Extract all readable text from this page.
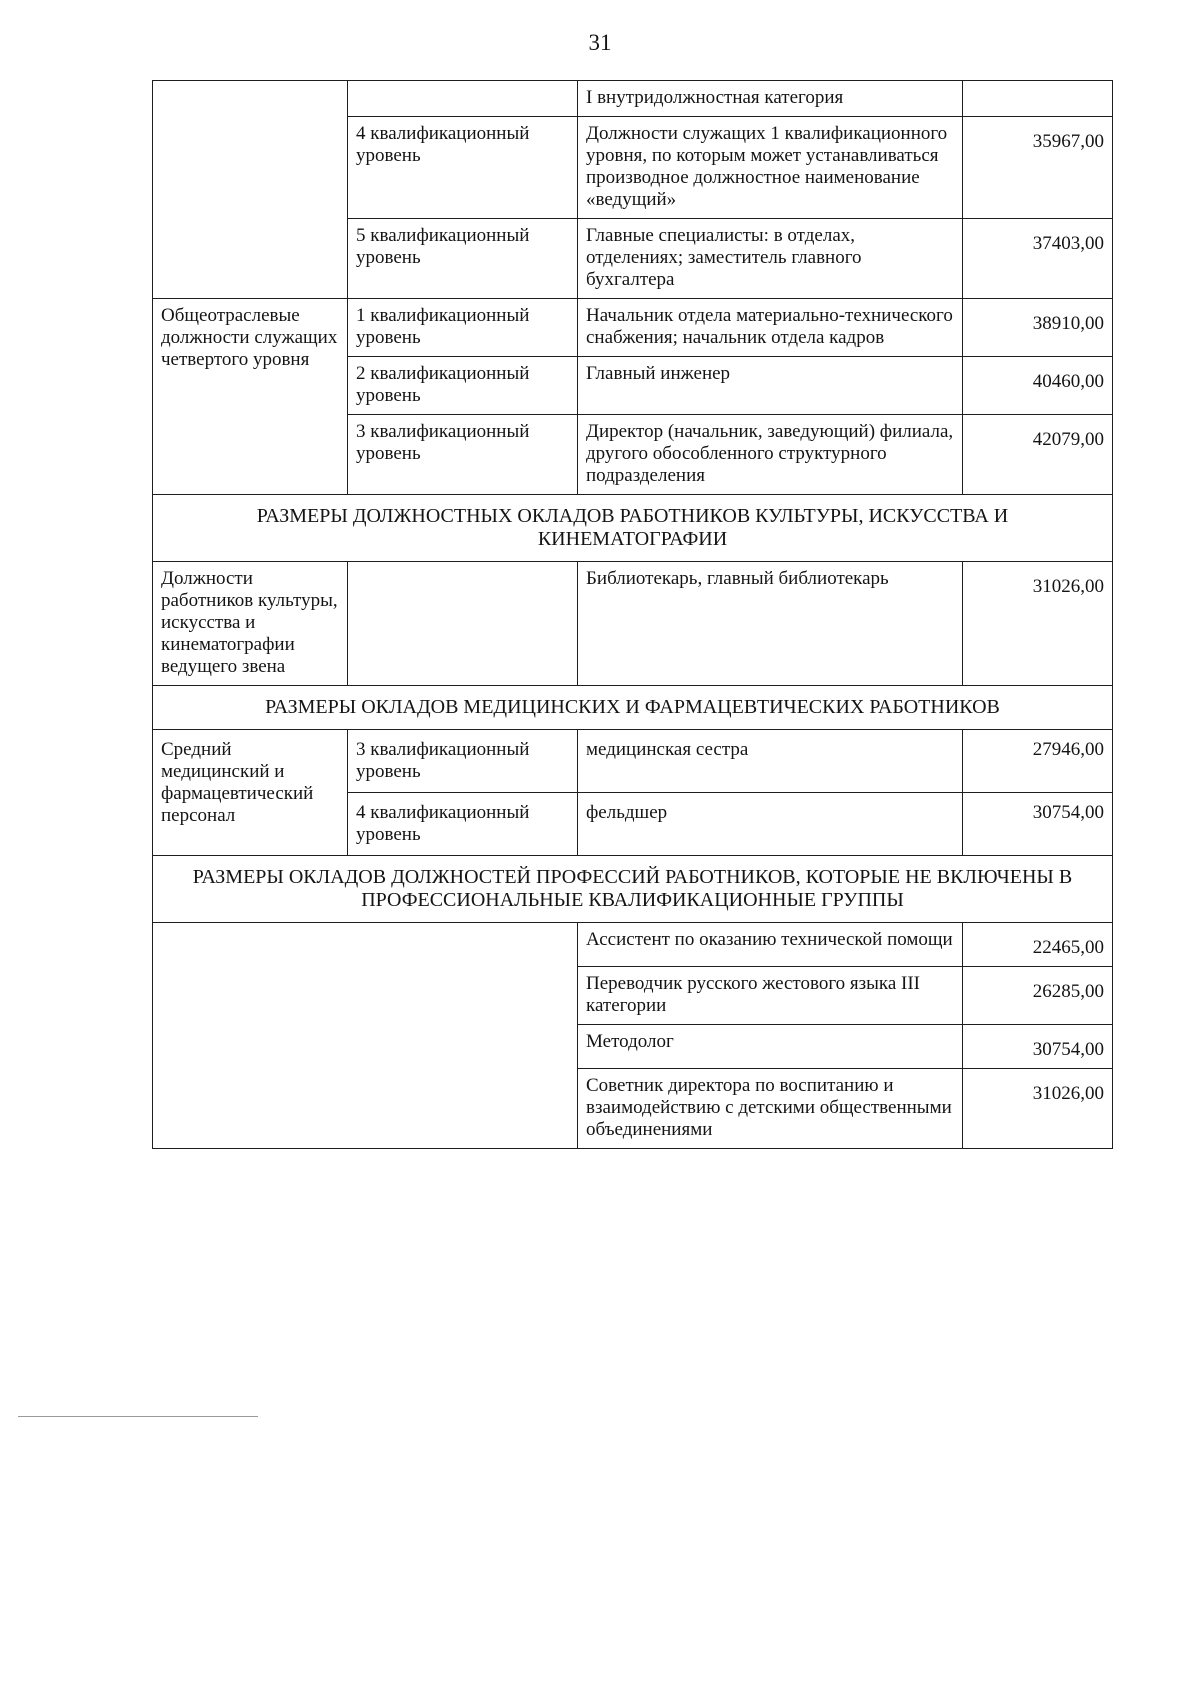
31
		I внутридолжностная категория	
	4 квалификационный уровень	Должности служащих 1 квалификационного уровня, по которым может устанавливаться производное должностное наименование «ведущий»	35967,00
	5 квалификационный уровень	Главные специалисты: в отделах, отделениях; заместитель главного бухгалтера	37403,00
Общеотраслевые должности служащих четвертого уровня	1 квалификационный уровень	Начальник отдела материально-технического снабжения; начальник отдела кадров	38910,00
	2 квалификационный уровень	Главный инженер	40460,00
	3 квалификационный уровень	Директор (начальник, заведующий) филиала, другого обособленного структурного подразделения	42079,00
РАЗМЕРЫ ДОЛЖНОСТНЫХ ОКЛАДОВ РАБОТНИКОВ КУЛЬТУРЫ, ИСКУССТВА И КИНЕМАТОГРАФИИ			
Должности работников культуры, искусства и кинематографии ведущего звена		Библиотекарь, главный библиотекарь	31026,00
РАЗМЕРЫ ОКЛАДОВ МЕДИЦИНСКИХ И ФАРМАЦЕВТИЧЕСКИХ РАБОТНИКОВ			
Средний медицинский и фармацевтический персонал	3 квалификационный уровень	медицинская сестра	27946,00
	4 квалификационный уровень	фельдшер	30754,00
РАЗМЕРЫ ОКЛАДОВ ДОЛЖНОСТЕЙ ПРОФЕССИЙ РАБОТНИКОВ, КОТОРЫЕ НЕ ВКЛЮЧЕНЫ В ПРОФЕССИОНАЛЬНЫЕ КВАЛИФИКАЦИОННЫЕ ГРУППЫ			
		Ассистент по оказанию технической помощи	22465,00
		Переводчик русского жестового языка III категории	26285,00
		Методолог	30754,00
		Советник директора по воспитанию и взаимодействию с детскими общественными объединениями	31026,00
